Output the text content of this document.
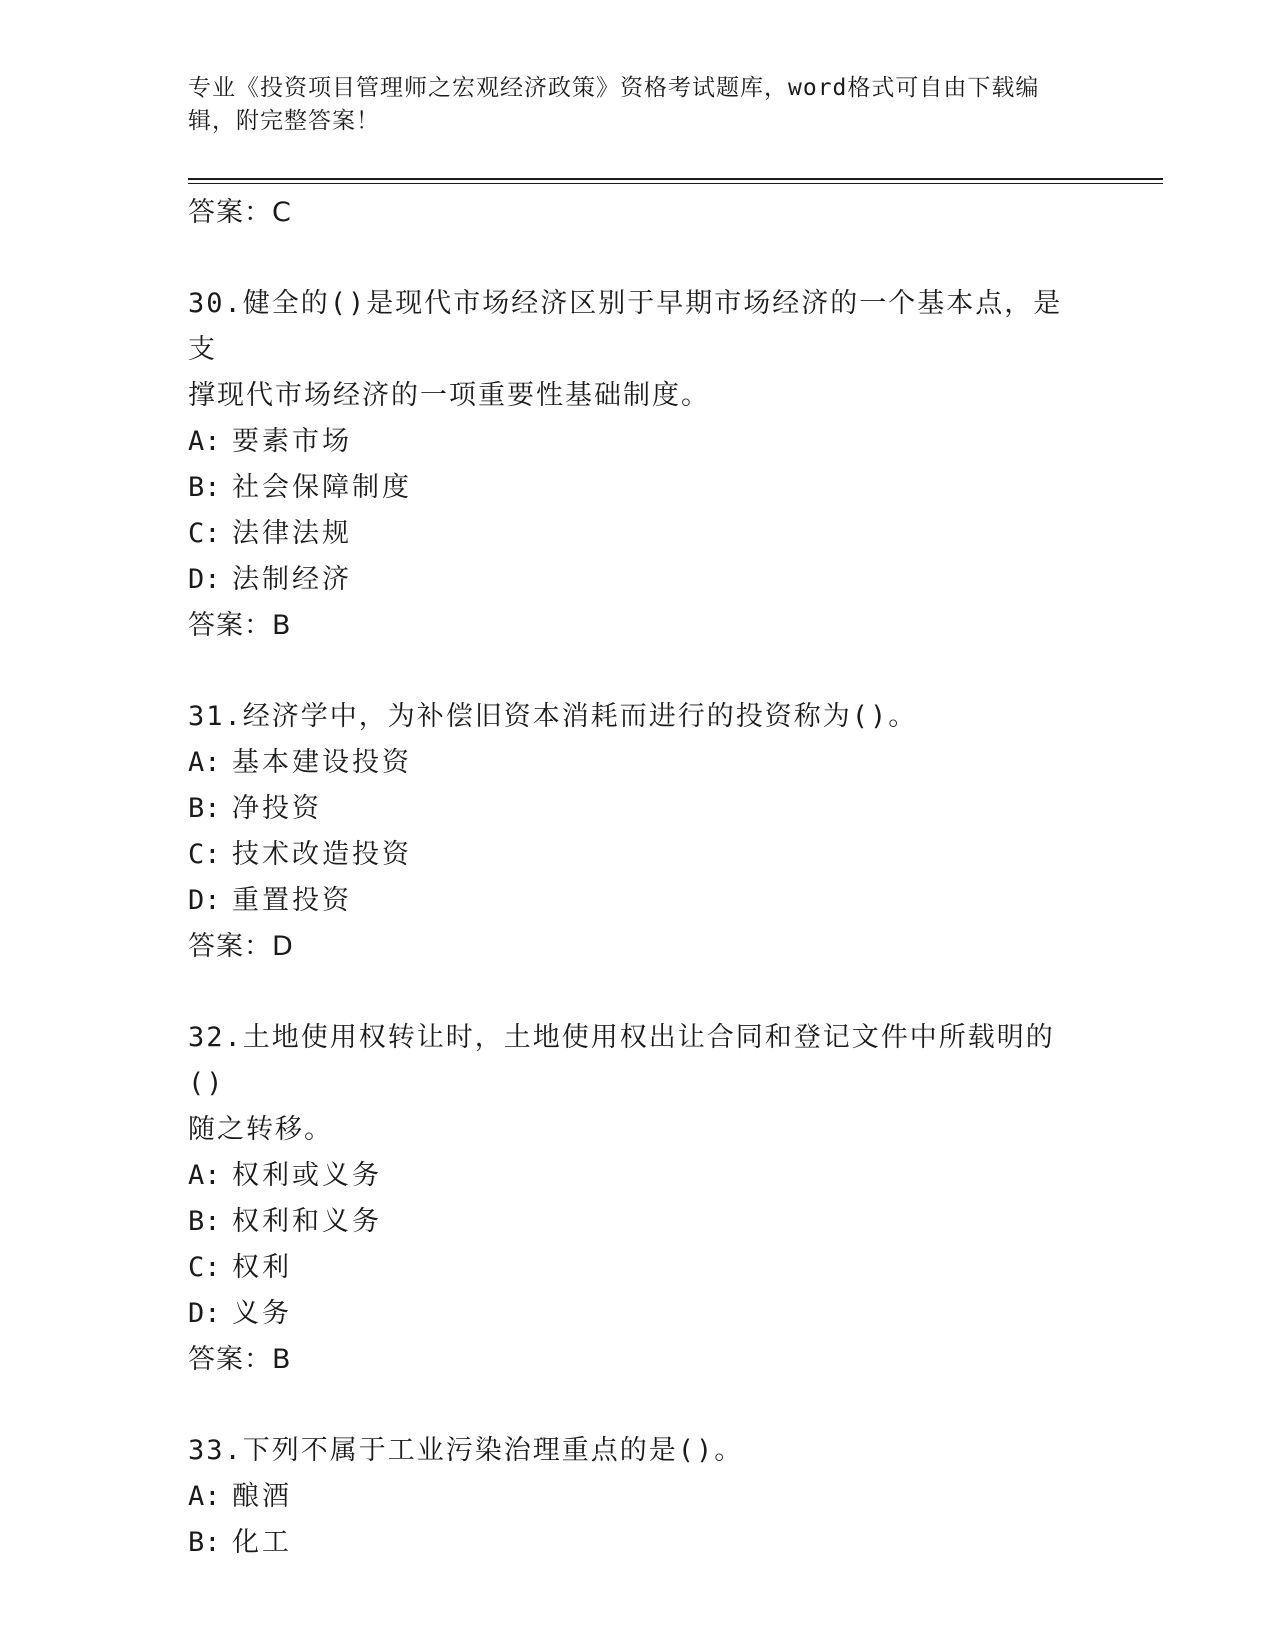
专业《投资项目管理师之宏观经济政策》资格考试题库，word格式可自由下载编
辑，附完整答案！
答案：C
30.健全的()是现代市场经济区别于早期市场经济的一个基本点，是支
撑现代市场经济的一项重要性基础制度。
A: 要素市场
B: 社会保障制度
C: 法律法规
D: 法制经济
答案：B
31.经济学中，为补偿旧资本消耗而进行的投资称为()。
A: 基本建设投资
B: 净投资
C: 技术改造投资
D: 重置投资
答案：D
32.土地使用权转让时，土地使用权出让合同和登记文件中所载明的()
随之转移。
A: 权利或义务
B: 权利和义务
C: 权利
D: 义务
答案：B
33.下列不属于工业污染治理重点的是()。
A: 酿酒
B: 化工
